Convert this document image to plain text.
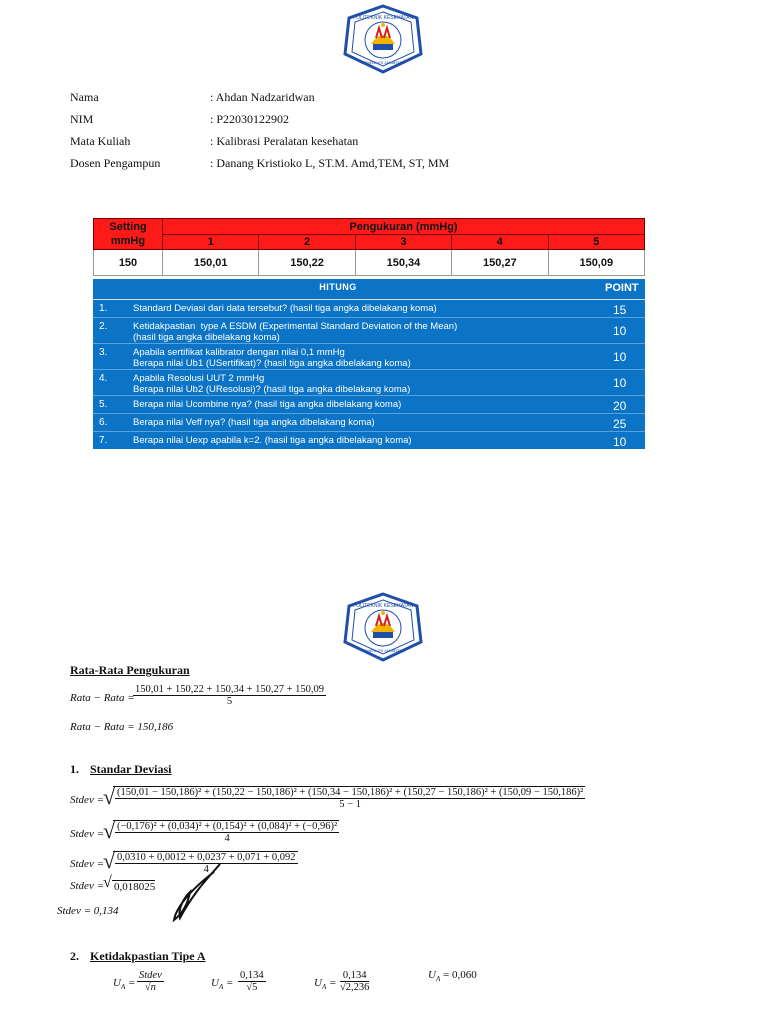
POLITEKNIK KESEHATAN
KEMENKES JAKARTA II
Nama	: Ahdan Nadzaridwan
NIM	: P22030122902
Mata Kuliah	: Kalibrasi Peralatan kesehatan
Dosen Pengampun	: Danang Kristioko L, ST.M. Amd,TEM, ST, MM
Setting
mmHg	Pengukuran (mmHg)				
	1	2	3	4	5
150	150,01	150,22	150,34	150,27	150,09
HITUNG	POINT
1.	Standard Deviasi dari data tersebut? (hasil tiga angka dibelakang koma)	15
2.	Ketidakpastian  type A ESDM (Experimental Standard Deviation of the Mean)
(hasil tiga angka dibelakang koma)	10
3.	Apabila sertifikat kalibrator dengan nilai 0,1 mmHg
Berapa nilai Ub1 (USertifikat)? (hasil tiga angka dibelakang koma)	10
4.	Apabila Resolusi UUT 2 mmHg
Berapa nilai Ub2 (UResolusi)? (hasil tiga angka dibelakang koma)	10
5.	Berapa nilai Ucombine nya? (hasil tiga angka dibelakang koma)	20
6.	Berapa nilai Veff nya? (hasil tiga angka dibelakang koma)	25
7.	Berapa nilai Uexp apabila k=2. (hasil tiga angka dibelakang koma)	10
POLITEKNIK KESEHATAN
KEMENKES JAKARTA II
Rata-Rata Pengukuran
Rata − Rata =
$\frac{150,01 + 150,22 + 150,34 + 150,27 + 150,09}{5}$
Rata − Rata = 150,186
1. Standar Deviasi
Stdev = √ (150,01 − 150,186)² + (150,22 − 150,186)² + (150,34 − 150,186)² + (150,27 − 150,186)² + (150,09 − 150,186)²
5 − 1
Stdev = √
$\frac{\text{(−0,176)² + (0,034)² + (0,154)² + (0,084)² + (−0,96)²}}{4}$
Stdev = √
$\frac{0,0310 + 0,0012 + 0,0237 + 0,071 + 0,092}{4}$
Stdev = √ 0,018025
Stdev = 0,134
2. Ketidakpastian Tipe A
$U_A$ =
Stdev
√n	$U_A = \frac{0,134}{√5}$	$U_A = \frac{0,134}{√2,236}$	$U_A = 0,060$
